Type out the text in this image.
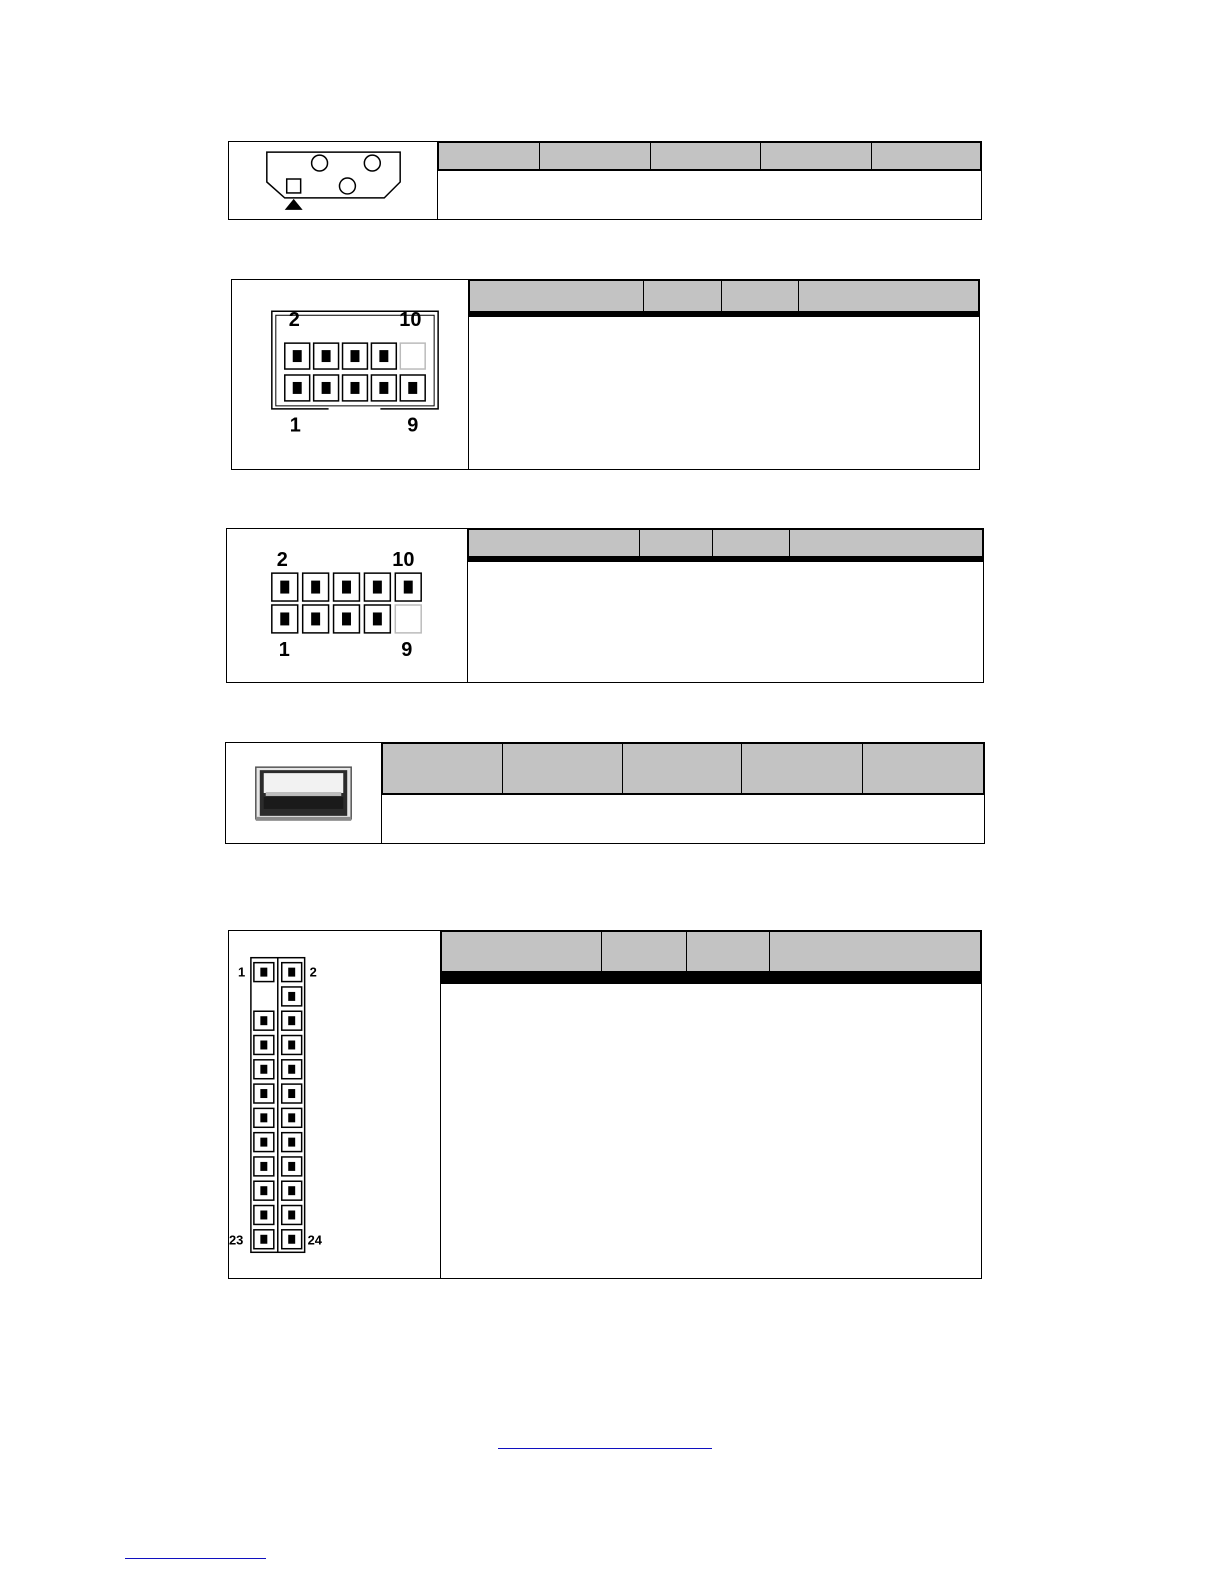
2	10
1	9

2	10
1	9

1	2
23	24
